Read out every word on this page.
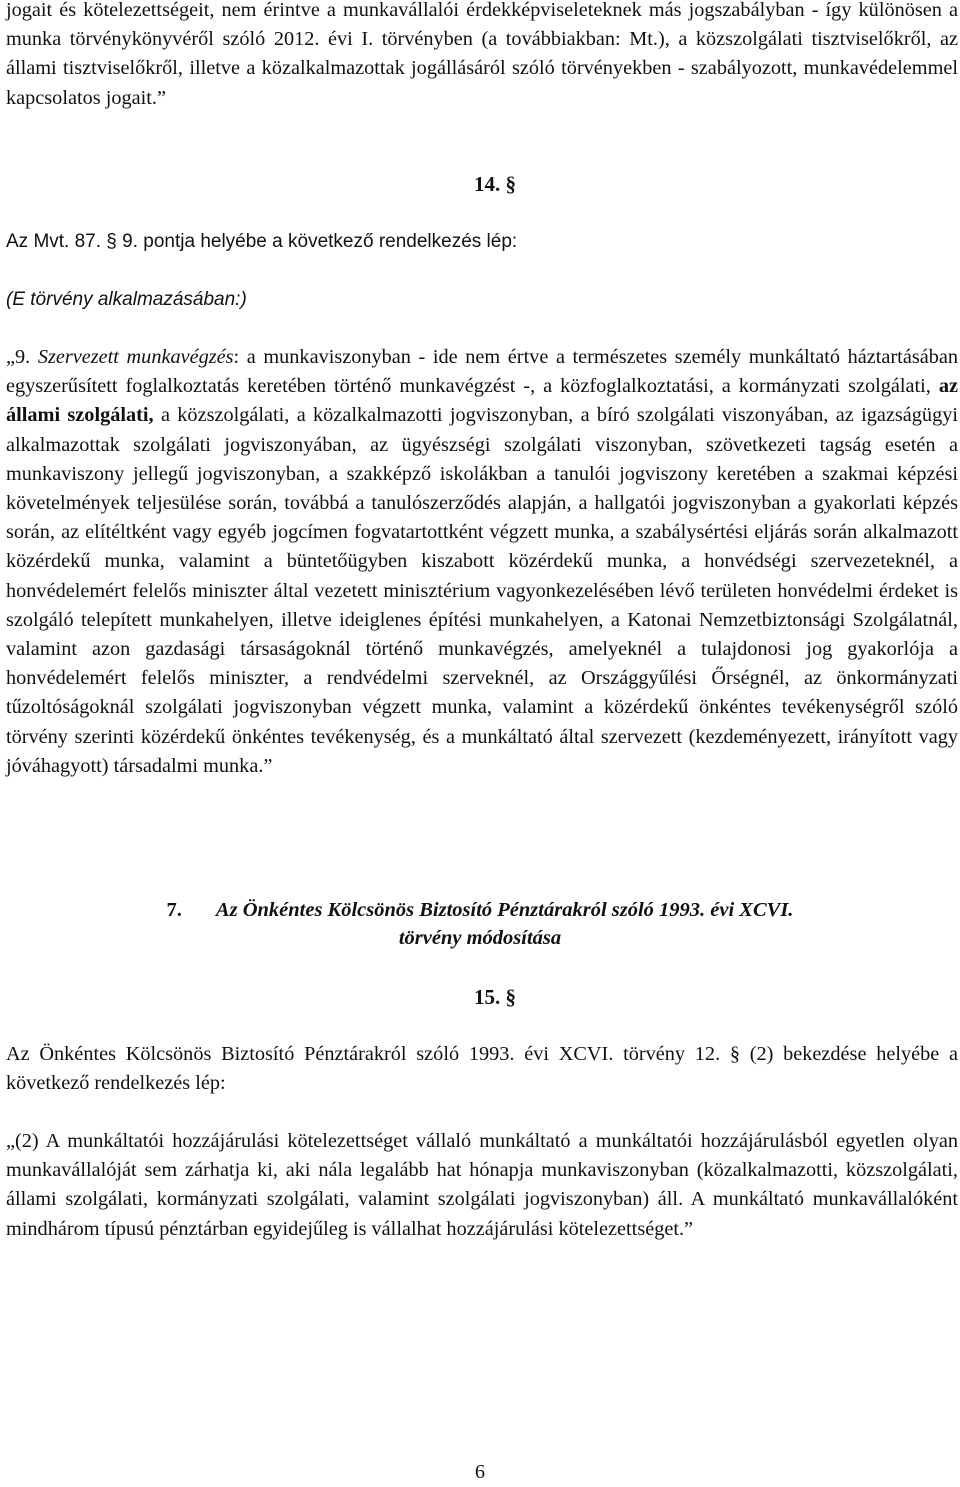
jogait és kötelezettségeit, nem érintve a munkavállalói érdekképviseleteknek más jogszabályban - így különösen a munka törvénykönyvéről szóló 2012. évi I. törvényben (a továbbiakban: Mt.), a közszolgálati tisztviselőkről, az állami tisztviselőkről, illetve a közalkalmazottak jogállásáról szóló törvényekben - szabályozott, munkavédelemmel kapcsolatos jogait.”

14. §

Az Mvt. 87. § 9. pontja helyébe a következő rendelkezés lép:

(E törvény alkalmazásában:)

„9. Szervezett munkavégzés: a munkaviszonyban - ide nem értve a természetes személy munkáltató háztartásában egyszerűsített foglalkoztatás keretében történő munkavégzést -, a közfoglalkoztatási, a kormányzati szolgálati, az állami szolgálati, a közszolgálati, a közalkalmazotti jogviszonyban, a bíró szolgálati viszonyában, az igazságügyi alkalmazottak szolgálati jogviszonyában, az ügyészségi szolgálati viszonyban, szövetkezeti tagság esetén a munkaviszony jellegű jogviszonyban, a szakképző iskolákban a tanulói jogviszony keretében a szakmai képzési követelmények teljesülése során, továbbá a tanulószerződés alapján, a hallgatói jogviszonyban a gyakorlati képzés során, az elítéltként vagy egyéb jogcímen fogvatartottként végzett munka, a szabálysértési eljárás során alkalmazott közérdekű munka, valamint a büntetőügyben kiszabott közérdekű munka, a honvédségi szervezeteknél, a honvédelemért felelős miniszter által vezetett minisztérium vagyonkezelésében lévő területen honvédelmi érdeket is szolgáló telepített munkahelyen, illetve ideiglenes építési munkahelyen, a Katonai Nemzetbiztonsági Szolgálatnál, valamint azon gazdasági társaságoknál történő munkavégzés, amelyeknél a tulajdonosi jog gyakorlója a honvédelemért felelős miniszter, a rendvédelmi szerveknél, az Országgyűlési Őrségnél, az önkormányzati tűzoltóságoknál szolgálati jogviszonyban végzett munka, valamint a közérdekű önkéntes tevékenységről szóló törvény szerinti közérdekű önkéntes tevékenység, és a munkáltató által szervezett (kezdeményezett, irányított vagy jóváhagyott) társadalmi munka.”

7. Az Önkéntes Kölcsönös Biztosító Pénztárakról szóló 1993. évi XCVI.
törvény módosítása

15. §

Az Önkéntes Kölcsönös Biztosító Pénztárakról szóló 1993. évi XCVI. törvény 12. § (2) bekezdése helyébe a következő rendelkezés lép:

„(2) A munkáltatói hozzájárulási kötelezettséget vállaló munkáltató a munkáltatói hozzájárulásból egyetlen olyan munkavállalóját sem zárhatja ki, aki nála legalább hat hónapja munkaviszonyban (közalkalmazotti, közszolgálati, állami szolgálati, kormányzati szolgálati, valamint szolgálati jogviszonyban) áll. A munkáltató munkavállalóként mindhárom típusú pénztárban egyidejűleg is vállalhat hozzájárulási kötelezettséget.”

6
